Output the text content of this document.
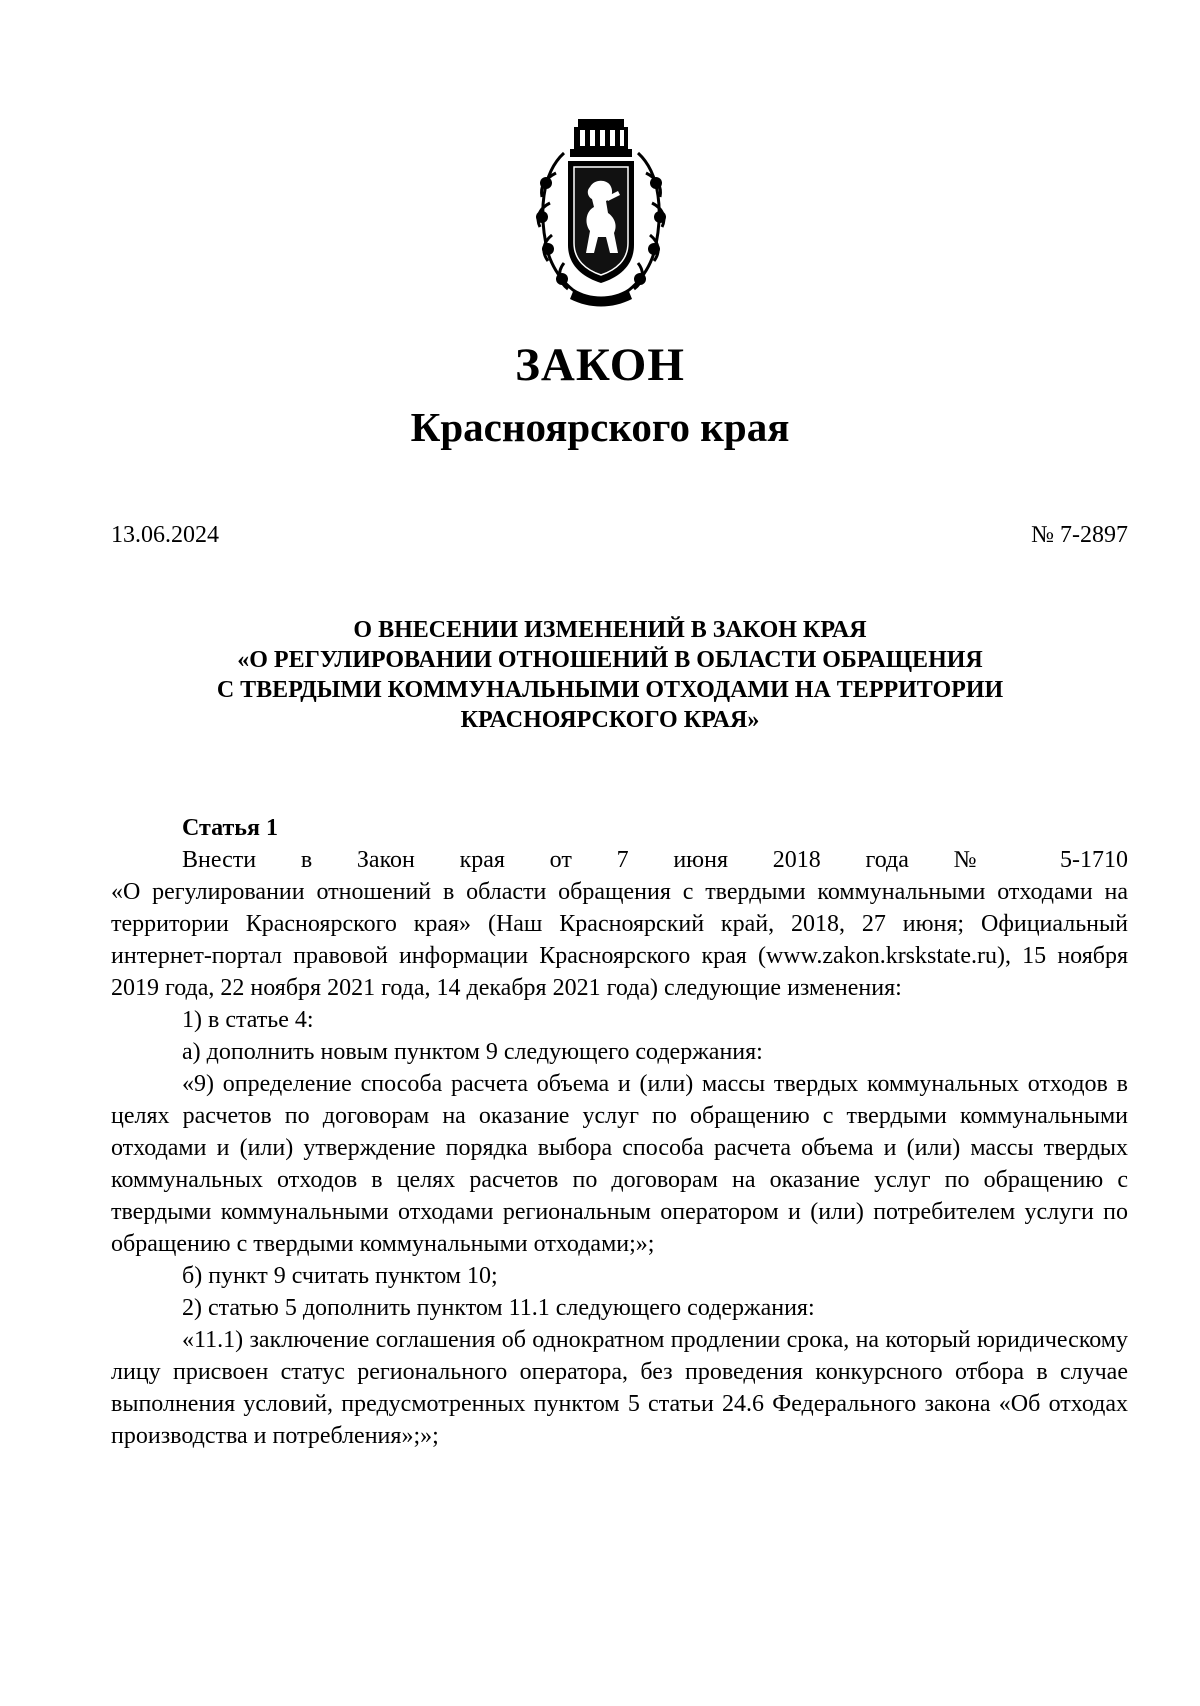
ЗАКОН
Красноярского края
13.06.2024	№ 7-2897
О ВНЕСЕНИИ ИЗМЕНЕНИЙ В ЗАКОН КРАЯ
«О РЕГУЛИРОВАНИИ ОТНОШЕНИЙ В ОБЛАСТИ ОБРАЩЕНИЯ
С ТВЕРДЫМИ КОММУНАЛЬНЫМИ ОТХОДАМИ НА ТЕРРИТОРИИ
КРАСНОЯРСКОГО КРАЯ»

Статья 1

Внести в Закон края от 7 июня 2018 года № 5-1710

«О регулировании отношений в области обращения с твердыми коммунальными отходами на территории Красноярского края» (Наш Красноярский край, 2018, 27 июня; Официальный интернет-портал правовой информации Красноярского края (www.zakon.krskstate.ru), 15 ноября 2019 года, 22 ноября 2021 года, 14 декабря 2021 года) следующие изменения:

1) в статье 4:

а) дополнить новым пунктом 9 следующего содержания:

«9) определение способа расчета объема и (или) массы твердых коммунальных отходов в целях расчетов по договорам на оказание услуг по обращению с твердыми коммунальными отходами и (или) утверждение порядка выбора способа расчета объема и (или) массы твердых коммунальных отходов в целях расчетов по договорам на оказание услуг по обращению с твердыми коммунальными отходами региональным оператором и (или) потребителем услуги по обращению с твердыми коммунальными отходами;»;

б) пункт 9 считать пунктом 10;

2) статью 5 дополнить пунктом 11.1 следующего содержания:

«11.1) заключение соглашения об однократном продлении срока, на который юридическому лицу присвоен статус регионального оператора, без проведения конкурсного отбора в случае выполнения условий, предусмотренных пунктом 5 статьи 24.6 Федерального закона «Об отходах производства и потребления»;»;
